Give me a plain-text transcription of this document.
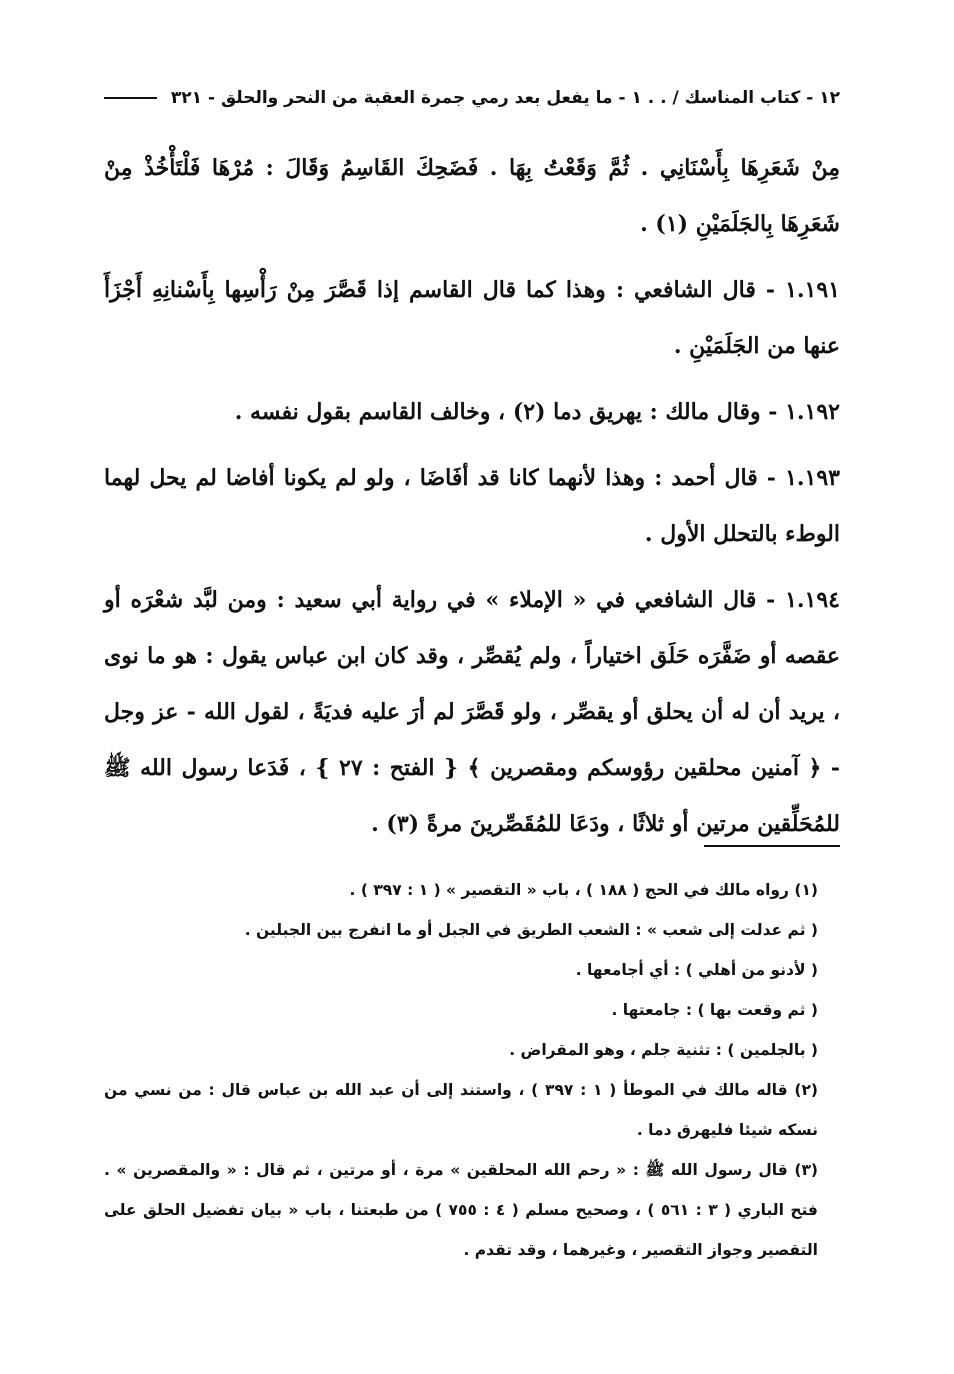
١٢ - كتاب المناسك / . . ١ - ما يفعل بعد رمي جمرة العقبة من النحر والحلق - ٣٢١

مِنْ شَعَرِهَا بِأَسْنَانِي . ثُمَّ وَقَعْتُ بِهَا . فَضَحِكَ القَاسِمُ وَقَالَ : مُرْهَا فَلْتَأْخُذْ مِنْ شَعَرِهَا بِالجَلَمَيْنِ (١) .

١.١٩١ - قال الشافعي : وهذا كما قال القاسم إذا قَصَّرَ مِنْ رَأْسِها بِأَسْنانِهِ أَجْزَأَ عنها من الجَلَمَيْنِ .

١.١٩٢ - وقال مالك : يهريق دما (٢) ، وخالف القاسم بقول نفسه .

١.١٩٣ - قال أحمد : وهذا لأنهما كانا قد أفَاضَا ، ولو لم يكونا أفاضا لم يحل لهما الوطء بالتحلل الأول .

١.١٩٤ - قال الشافعي في « الإملاء » في رواية أبي سعيد : ومن لبَّد شعْرَه أو عقصه أو ضَفَّرَه حَلَق اختياراً ، ولم يُقصِّر ، وقد كان ابن عباس يقول : هو ما نوى ، يريد أن له أن يحلق أو يقصِّر ، ولو قَصَّرَ لم أرَ عليه فديَةً ، لقول الله - عز وجل - ﴿ آمنين محلقين رؤوسكم ومقصرين ﴾ { الفتح : ٢٧ } ، فَدَعا رسول الله ﷺ للمُحَلِّقين مرتين أو ثلاثًا ، ودَعَا للمُقَصِّرينَ مرةً (٣) .

(١) رواه مالك في الحج ( ١٨٨ ) ، باب « التقصير » ( ١ : ٣٩٧ ) .

( ثم عدلت إلى شعب » : الشعب الطريق في الجبل أو ما انفرج بين الجبلين .

( لأدنو من أهلي ) : أي أجامعها .

( ثم وقعت بها ) : جامعتها .

( بالجلمين ) : تثنية جلم ، وهو المقراض .

(٢) قاله مالك في الموطأ ( ١ : ٣٩٧ ) ، واستند إلى أن عبد الله بن عباس قال : من نسي من نسكه شيئا فليهرق دما .

(٣) قال رسول الله ﷺ : « رحم الله المحلقين » مرة ، أو مرتين ، ثم قال : « والمقصرين » . فتح الباري ( ٣ : ٥٦١ ) ، وصحيح مسلم ( ٤ : ٧٥٥ ) من طبعتنا ، باب « بيان تفضيل الحلق على التقصير وجواز التقصير ، وغيرهما ، وقد تقدم .
